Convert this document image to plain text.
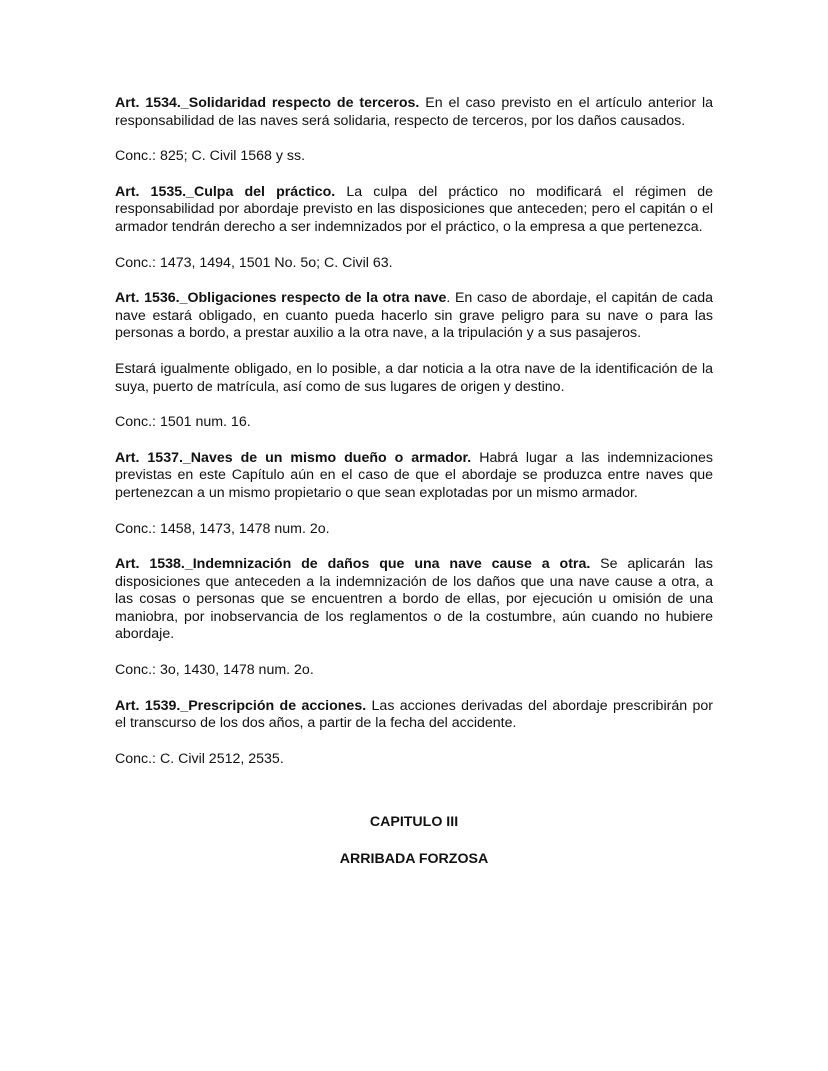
Art. 1534._Solidaridad respecto de terceros. En el caso previsto en el artículo anterior la responsabilidad de las naves será solidaria, respecto de terceros, por los daños causados.

Conc.: 825; C. Civil 1568 y ss.

Art. 1535._Culpa del práctico. La culpa del práctico no modificará el régimen de responsabilidad por abordaje previsto en las disposiciones que anteceden; pero el capitán o el armador tendrán derecho a ser indemnizados por el práctico, o la empresa a que pertenezca.

Conc.: 1473, 1494, 1501 No. 5o; C. Civil 63.

Art. 1536._Obligaciones respecto de la otra nave. En caso de abordaje, el capitán de cada nave estará obligado, en cuanto pueda hacerlo sin grave peligro para su nave o para las personas a bordo, a prestar auxilio a la otra nave, a la tripulación y a sus pasajeros.

Estará igualmente obligado, en lo posible, a dar noticia a la otra nave de la identificación de la suya, puerto de matrícula, así como de sus lugares de origen y destino.

Conc.: 1501 num. 16.

Art. 1537._Naves de un mismo dueño o armador. Habrá lugar a las indemnizaciones previstas en este Capítulo aún en el caso de que el abordaje se produzca entre naves que pertenezcan a un mismo propietario o que sean explotadas por un mismo armador.

Conc.: 1458, 1473, 1478 num. 2o.

Art. 1538._Indemnización de daños que una nave cause a otra. Se aplicarán las disposiciones que anteceden a la indemnización de los daños que una nave cause a otra, a las cosas o personas que se encuentren a bordo de ellas, por ejecución u omisión de una maniobra, por inobservancia de los reglamentos o de la costumbre, aún cuando no hubiere abordaje.

Conc.: 3o, 1430, 1478 num. 2o.

Art. 1539._Prescripción de acciones. Las acciones derivadas del abordaje prescribirán por el transcurso de los dos años, a partir de la fecha del accidente.

Conc.: C. Civil 2512, 2535.

CAPITULO III

ARRIBADA FORZOSA
